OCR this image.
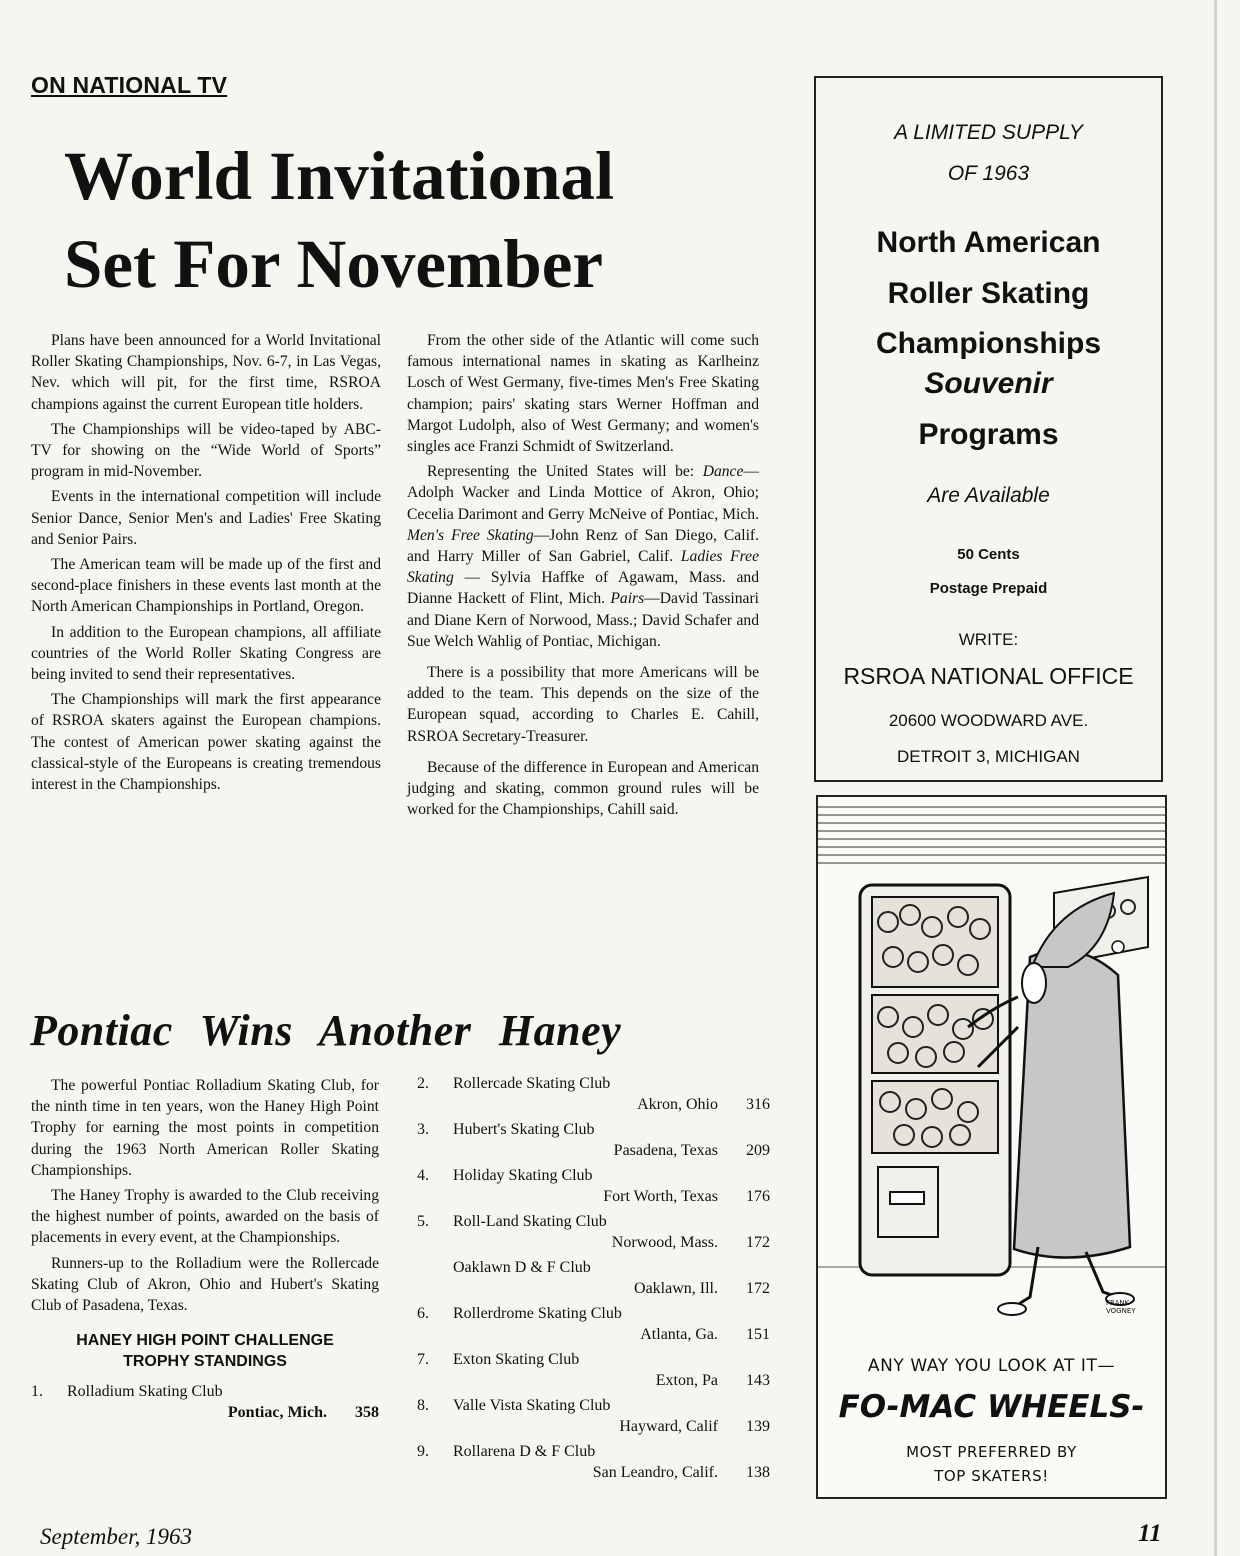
ON NATIONAL TV
World Invitational Set For November

Plans have been announced for a World Invitational Roller Skating Championships, Nov. 6-7, in Las Vegas, Nev. which will pit, for the first time, RSROA champions against the current European title holders.

The Championships will be video-taped by ABC-TV for showing on the “Wide World of Sports” program in mid-November.

Events in the international competition will include Senior Dance, Senior Men's and Ladies' Free Skating and Senior Pairs.

The American team will be made up of the first and second-place finishers in these events last month at the North American Championships in Portland, Oregon.

In addition to the European champions, all affiliate countries of the World Roller Skating Congress are being invited to send their representatives.

The Championships will mark the first appearance of RSROA skaters against the European champions. The contest of American power skating against the classical-style of the Europeans is creating tremendous interest in the Championships.

From the other side of the Atlantic will come such famous international names in skating as Karlheinz Losch of West Germany, five-times Men's Free Skating champion; pairs' skating stars Werner Hoffman and Margot Ludolph, also of West Germany; and women's singles ace Franzi Schmidt of Switzerland.

Representing the United States will be: Dance—Adolph Wacker and Linda Mottice of Akron, Ohio; Cecelia Darimont and Gerry McNeive of Pontiac, Mich. Men's Free Skating—John Renz of San Diego, Calif. and Harry Miller of San Gabriel, Calif. Ladies Free Skating — Sylvia Haffke of Agawam, Mass. and Dianne Hackett of Flint, Mich. Pairs—David Tassinari and Diane Kern of Norwood, Mass.; David Schafer and Sue Welch Wahlig of Pontiac, Michigan.

There is a possibility that more Americans will be added to the team. This depends on the size of the European squad, according to Charles E. Cahill, RSROA Secretary-Treasurer.

Because of the difference in European and American judging and skating, common ground rules will be worked for the Championships, Cahill said.

Pontiac Wins Another Haney

The powerful Pontiac Rolladium Skating Club, for the ninth time in ten years, won the Haney High Point Trophy for earning the most points in competition during the 1963 North American Roller Skating Championships.

The Haney Trophy is awarded to the Club receiving the highest number of points, awarded on the basis of placements in every event, at the Championships.

Runners-up to the Rolladium were the Rollercade Skating Club of Akron, Ohio and Hubert's Skating Club of Pasadena, Texas.

HANEY HIGH POINT CHALLENGE
TROPHY STANDINGS
1.	Rolladium Skating Club
Pontiac, Mich.	358
2.	Rollercade Skating Club
Akron, Ohio	316
3.	Hubert's Skating Club
Pasadena, Texas	209
4.	Holiday Skating Club
Fort Worth, Texas	176
5.	Roll-Land Skating Club
Norwood, Mass.	172
Oaklawn D & F Club
Oaklawn, Ill.	172
6.	Rollerdrome Skating Club
Atlanta, Ga.	151
7.	Exton Skating Club
Exton, Pa	143
8.	Valle Vista Skating Club
Hayward, Calif	139
9.	Rollarena D & F Club
San Leandro, Calif.	138
A LIMITED SUPPLY
OF 1963
North American
Roller Skating
Championships
Souvenir
Programs
Are Available
50 Cents
Postage Prepaid
WRITE:
RSROA NATIONAL OFFICE
20600 WOODWARD AVE.
DETROIT 3, MICHIGAN
FRANK
VOGNEY
ANY WAY YOU LOOK AT IT—
FO-MAC WHEELS-
MOST PREFERRED BY
TOP SKATERS!
September, 1963	11
